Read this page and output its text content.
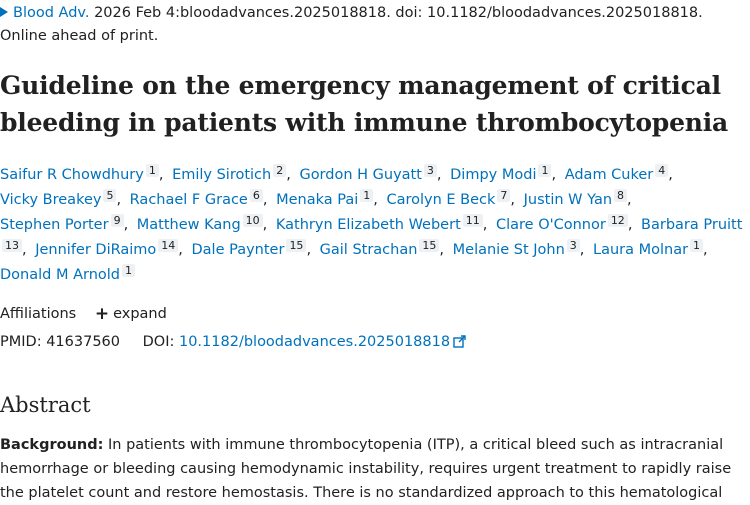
Blood Adv. 2026 Feb 4:bloodadvances.2025018818. doi: 10.1182/bloodadvances.2025018818.
Online ahead of print.
Guideline on the emergency management of critical bleeding in patients with immune thrombocytopenia
Saifur R Chowdhury 1 , Emily Sirotich 2 , Gordon H Guyatt 3 , Dimpy Modi 1 , Adam Cuker 4 , Vicky Breakey 5 , Rachael F Grace 6 , Menaka Pai 1 , Carolyn E Beck 7 , Justin W Yan 8 , Stephen Porter 9 , Matthew Kang 10 , Kathryn Elizabeth Webert 11 , Clare O'Connor 12 , Barbara Pruitt13 , Jennifer DiRaimo 14 , Dale Paynter 15 , Gail Strachan 15 , Melanie St John 3 , Laura Molnar 1 , Donald M Arnold 1
Affiliations + expand
PMID: 41637560 DOI: 10.1182/bloodadvances.2025018818
Abstract
Background: In patients with immune thrombocytopenia (ITP), a critical bleed such as intracranial hemorrhage or bleeding causing hemodynamic instability, requires urgent treatment to rapidly raise the platelet count and restore hemostasis. There is no standardized approach to this hematological
